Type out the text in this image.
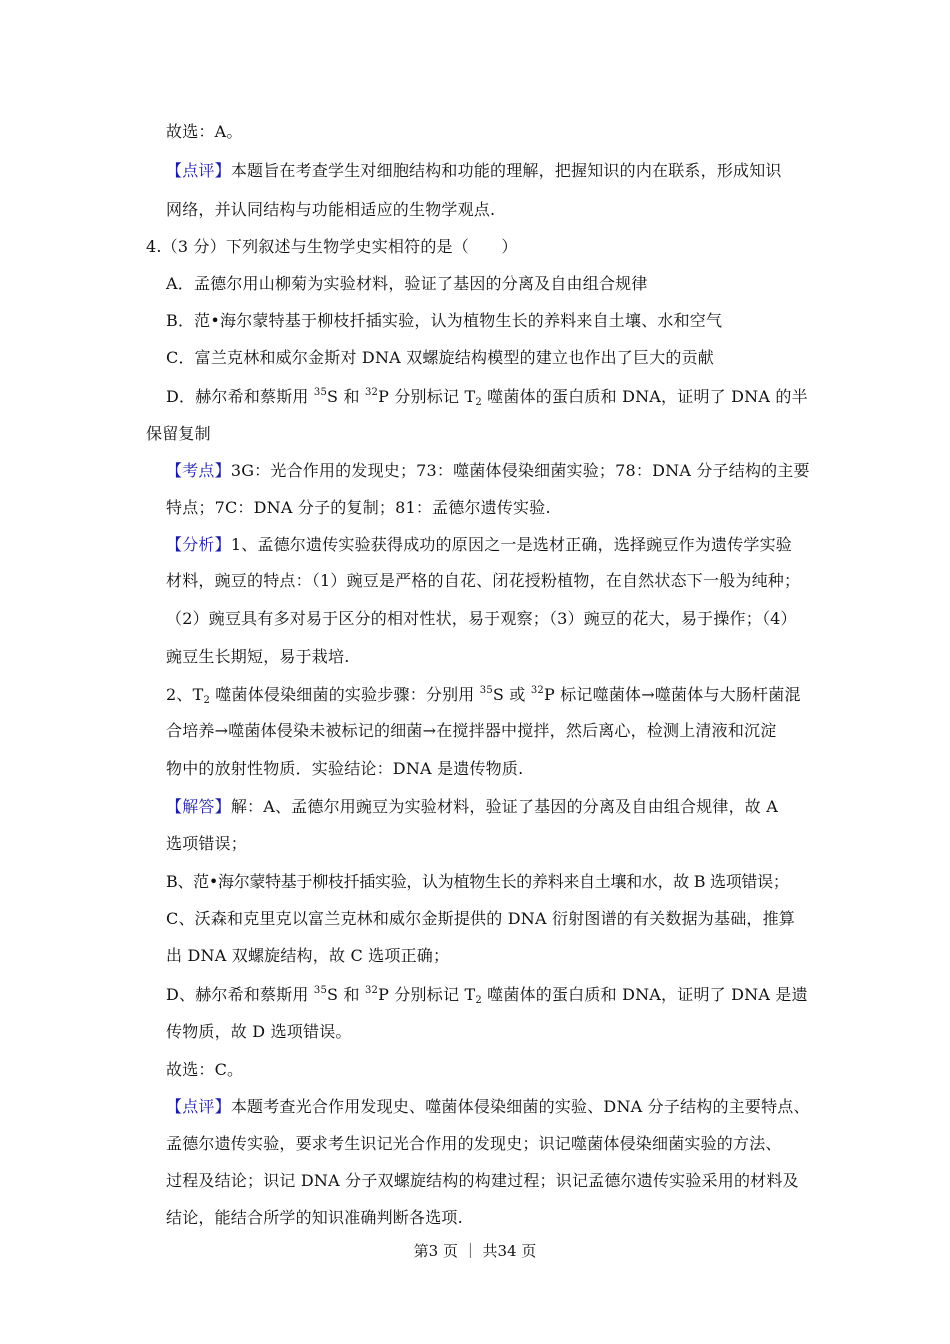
故选：A。
【点评】本题旨在考查学生对细胞结构和功能的理解，把握知识的内在联系，形成知识
网络，并认同结构与功能相适应的生物学观点.
4.（3 分）下列叙述与生物学史实相符的是（　　）
A．孟德尔用山柳菊为实验材料，验证了基因的分离及自由组合规律
B．范•海尔蒙特基于柳枝扦插实验，认为植物生长的养料来自土壤、水和空气
C．富兰克林和威尔金斯对 DNA 双螺旋结构模型的建立也作出了巨大的贡献
D．赫尔希和蔡斯用 $^{35}$S 和 $^{32}$P 分别标记 $T_2$ 噬菌体的蛋白质和 DNA，证明了 DNA 的半
保留复制
【考点】3G：光合作用的发现史；73：噬菌体侵染细菌实验；78：DNA 分子结构的主要
特点；7C：DNA 分子的复制；81：孟德尔遗传实验.
【分析】1、孟德尔遗传实验获得成功的原因之一是选材正确，选择豌豆作为遗传学实验
材料，豌豆的特点：（1）豌豆是严格的自花、闭花授粉植物，在自然状态下一般为纯种；
（2）豌豆具有多对易于区分的相对性状，易于观察；（3）豌豆的花大，易于操作；（4）
豌豆生长期短，易于栽培.
2、$T_2$ 噬菌体侵染细菌的实验步骤：分别用 $^{35}$S 或 $^{32}$P 标记噬菌体→噬菌体与大肠杆菌混
合培养→噬菌体侵染未被标记的细菌→在搅拌器中搅拌，然后离心，检测上清液和沉淀
物中的放射性物质．实验结论：DNA 是遗传物质.
【解答】解：A、孟德尔用豌豆为实验材料，验证了基因的分离及自由组合规律，故 A
选项错误；
B、范•海尔蒙特基于柳枝扦插实验，认为植物生长的养料来自土壤和水，故 B 选项错误；
C、沃森和克里克以富兰克林和威尔金斯提供的 DNA 衍射图谱的有关数据为基础，推算
出 DNA 双螺旋结构，故 C 选项正确；
D、赫尔希和蔡斯用 $^{35}$S 和 $^{32}$P 分别标记 $T_2$ 噬菌体的蛋白质和 DNA，证明了 DNA 是遗
传物质，故 D 选项错误。
故选：C。
【点评】本题考查光合作用发现史、噬菌体侵染细菌的实验、DNA 分子结构的主要特点、
孟德尔遗传实验，要求考生识记光合作用的发现史；识记噬菌体侵染细菌实验的方法、
过程及结论；识记 DNA 分子双螺旋结构的构建过程；识记孟德尔遗传实验采用的材料及
结论，能结合所学的知识准确判断各选项.
第3 页 ｜ 共34 页
